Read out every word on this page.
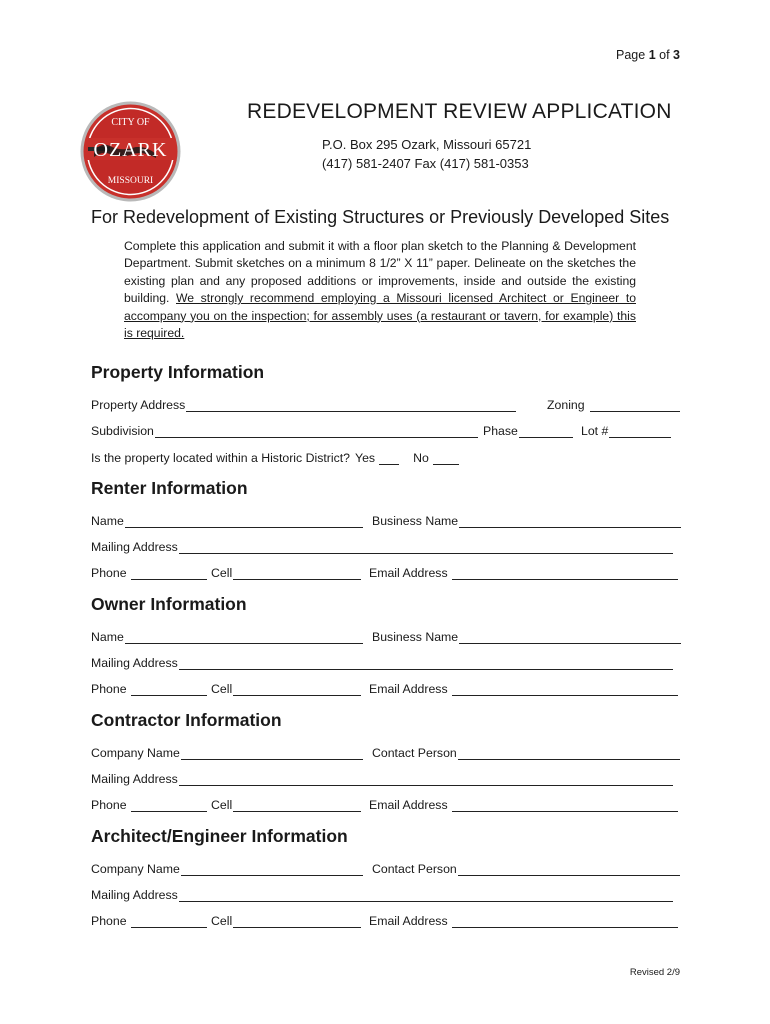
Page 1 of 3
CITY OF
OZARK
MISSOURI
REDEVELOPMENT REVIEW APPLICATION
P.O. Box 295 Ozark, Missouri 65721
(417) 581-2407 Fax (417) 581-0353
For Redevelopment of Existing Structures or Previously Developed Sites
Complete this application and submit it with a floor plan sketch to the Planning & Development Department. Submit sketches on a minimum 8 1/2” X 11” paper. Delineate on the sketches the existing plan and any proposed additions or improvements, inside and outside the existing building. We strongly recommend employing a Missouri licensed Architect or Engineer to accompany you on the inspection; for assembly uses (a restaurant or tavern, for example) this is required.
Property Information
Property Address	Zoning
Subdivision	Phase	Lot #
Is the property located within a Historic District? Yes	No
Renter Information
Name	Business Name
Mailing Address
Phone	Cell	Email Address
Owner Information
Name	Business Name
Mailing Address
Phone	Cell	Email Address
Contractor Information
Company Name	Contact Person
Mailing Address
Phone	Cell	Email Address
Architect/Engineer Information
Company Name	Contact Person
Mailing Address
Phone	Cell	Email Address
Revised 2/9
